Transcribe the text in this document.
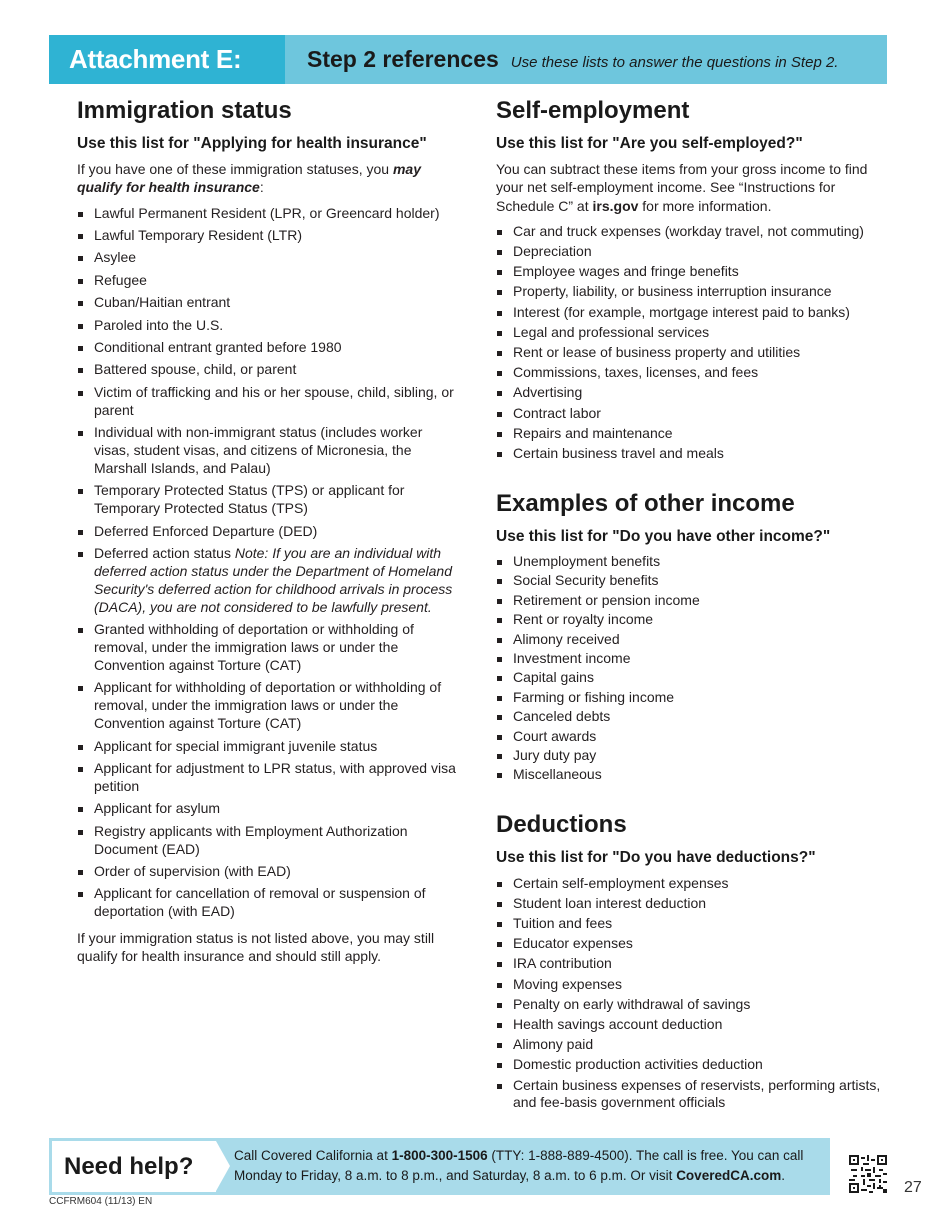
Attachment E:	Step 2 references Use these lists to answer the questions in Step 2.
Immigration status
Use this list for "Applying for health insurance"

If you have one of these immigration statuses, you may qualify for health insurance:

Lawful Permanent Resident (LPR, or Greencard holder)
Lawful Temporary Resident (LTR)
Asylee
Refugee
Cuban/Haitian entrant
Paroled into the U.S.
Conditional entrant granted before 1980
Battered spouse, child, or parent
Victim of trafficking and his or her spouse, child, sibling, or parent
Individual with non-immigrant status (includes worker visas, student visas, and citizens of Micronesia, the Marshall Islands, and Palau)
Temporary Protected Status (TPS) or applicant for Temporary Protected Status (TPS)
Deferred Enforced Departure (DED)
Deferred action status Note: If you are an individual with deferred action status under the Department of Homeland Security's deferred action for childhood arrivals in process (DACA), you are not considered to be lawfully present.
Granted withholding of deportation or withholding of removal, under the immigration laws or under the Convention against Torture (CAT)
Applicant for withholding of deportation or withholding of removal, under the immigration laws or under the Convention against Torture (CAT)
Applicant for special immigrant juvenile status
Applicant for adjustment to LPR status, with approved visa petition
Applicant for asylum
Registry applicants with Employment Authorization Document (EAD)
Order of supervision (with EAD)
Applicant for cancellation of removal or suspension of deportation (with EAD)

If your immigration status is not listed above, you may still qualify for health insurance and should still apply.

Self-employment
Use this list for "Are you self-employed?"

You can subtract these items from your gross income to find your net self-employment income. See “Instructions for Schedule C” at irs.gov for more information.

Car and truck expenses (workday travel, not commuting)
Depreciation
Employee wages and fringe benefits
Property, liability, or business interruption insurance
Interest (for example, mortgage interest paid to banks)
Legal and professional services
Rent or lease of business property and utilities
Commissions, taxes, licenses, and fees
Advertising
Contract labor
Repairs and maintenance
Certain business travel and meals
Examples of other income
Use this list for "Do you have other income?"
Unemployment benefits
Social Security benefits
Retirement or pension income
Rent or royalty income
Alimony received
Investment income
Capital gains
Farming or fishing income
Canceled debts
Court awards
Jury duty pay
Miscellaneous
Deductions
Use this list for "Do you have deductions?"
Certain self-employment expenses
Student loan interest deduction
Tuition and fees
Educator expenses
IRA contribution
Moving expenses
Penalty on early withdrawal of savings
Health savings account deduction
Alimony paid
Domestic production activities deduction
Certain business expenses of reservists, performing artists, and fee-basis government officials
Need help?	Call Covered California at 1-800-300-1506 (TTY: 1-888-889-4500). The call is free. You can call Monday to Friday, 8 a.m. to 8 p.m., and Saturday, 8 a.m. to 6 p.m. Or visit CoveredCA.com.
27
CCFRM604 (11/13) EN
